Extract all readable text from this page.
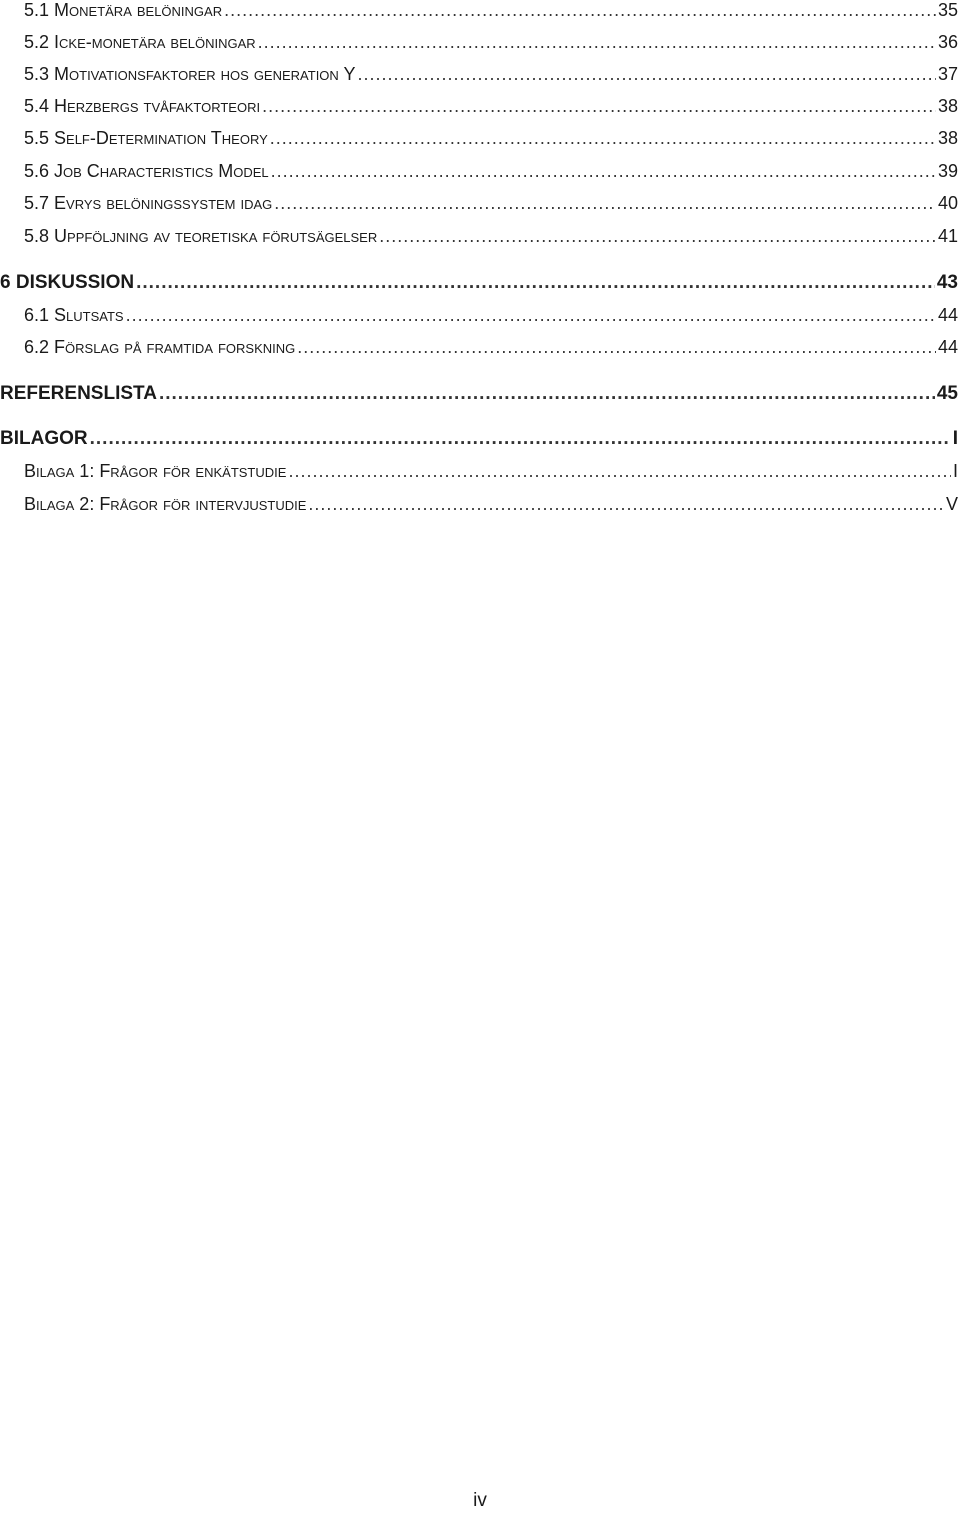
5.1 Monetära belöningar .....	35
5.2 Icke-monetära belöningar .....	36
5.3 Motivationsfaktorer hos generation Y .....	37
5.4 Herzbergs tvåfaktorteori .....	38
5.5 Self-Determination Theory .....	38
5.6 Job Characteristics Model .....	39
5.7 Evrys belöningssystem idag .....	40
5.8 Uppföljning av teoretiska förutsägelser .....	41
6 DISKUSSION .....	43
6.1 Slutsats .....	44
6.2 Förslag på framtida forskning .....	44
REFERENSLISTA .....	45
BILAGOR .....	I
Bilaga 1: Frågor för enkätstudie .....	I
Bilaga 2: Frågor för intervjustudie .....	V
iv
